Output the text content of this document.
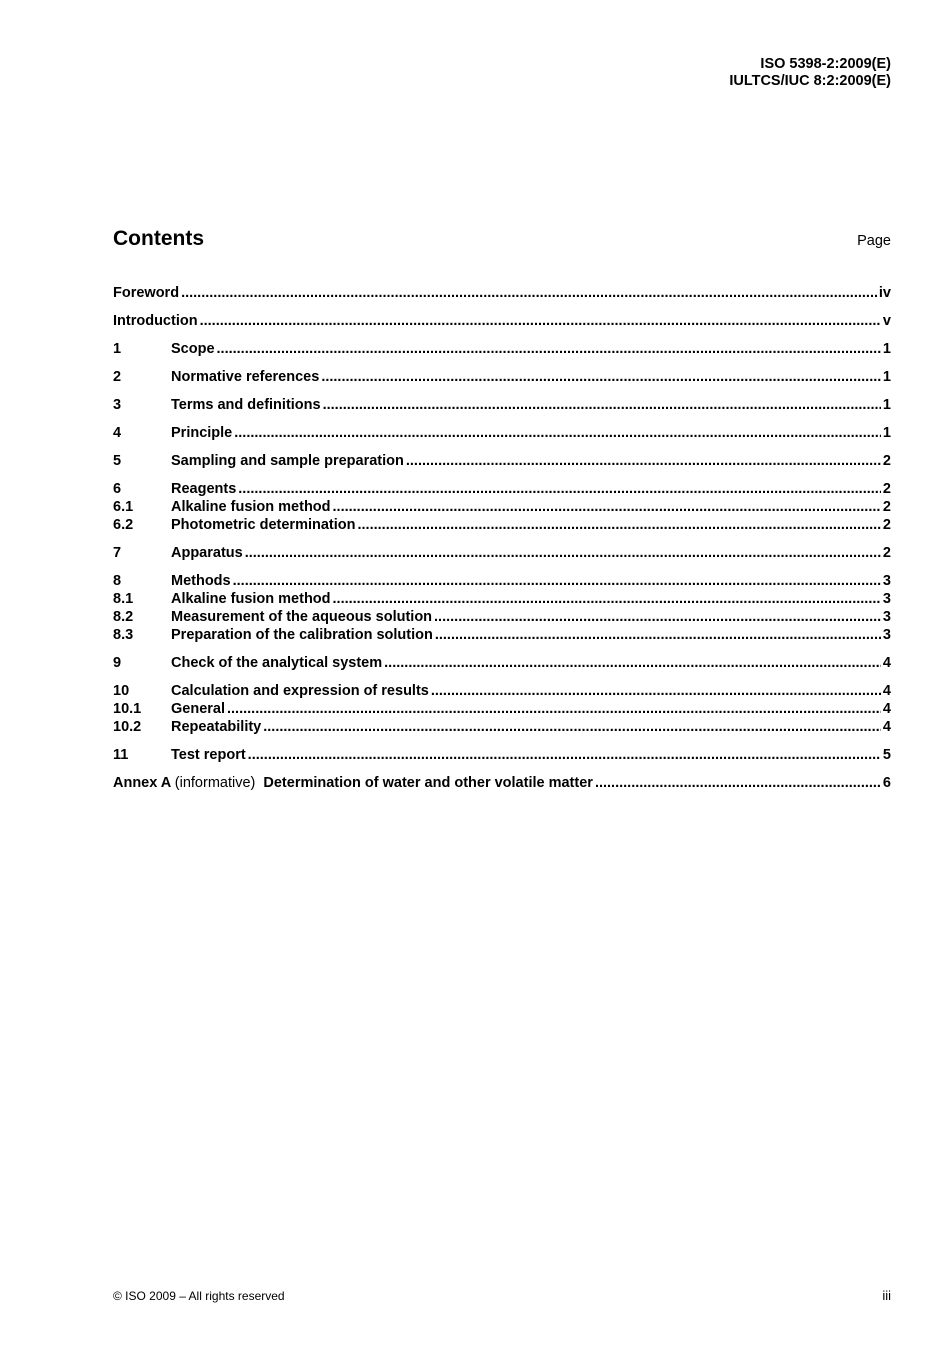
ISO 5398-2:2009(E)
IULTCS/IUC 8:2:2009(E)
Contents	Page
Foreword .....	iv
Introduction .....	v
1	Scope .....	1
2	Normative references .....	1
3	Terms and definitions .....	1
4	Principle .....	1
5	Sampling and sample preparation .....	2
6	Reagents .....	2
6.1	Alkaline fusion method .....	2
6.2	Photometric determination .....	2
7	Apparatus .....	2
8	Methods .....	3
8.1	Alkaline fusion method .....	3
8.2	Measurement of the aqueous solution .....	3
8.3	Preparation of the calibration solution .....	3
9	Check of the analytical system .....	4
10	Calculation and expression of results .....	4
10.1	General .....	4
10.2	Repeatability .....	4
11	Test report .....	5
Annex A (informative) Determination of water and other volatile matter .....	6
© ISO 2009 – All rights reserved	iii
